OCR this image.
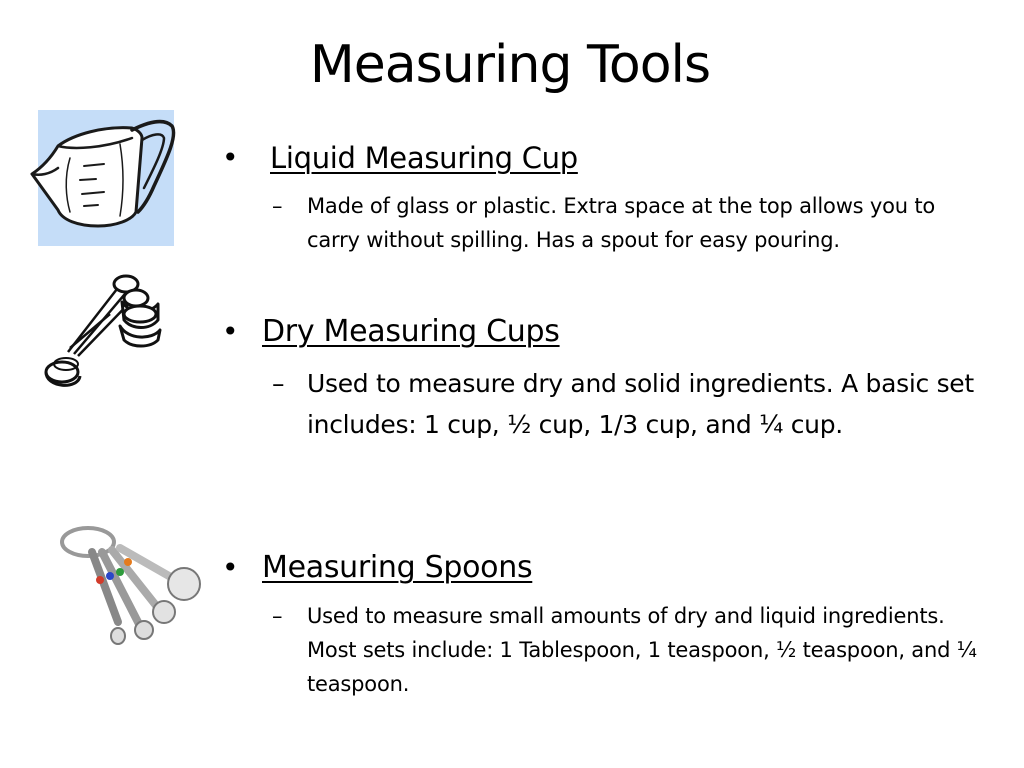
Measuring Tools
• Liquid Measuring Cup
– Made of glass or plastic. Extra space at the top allows you to carry without spilling. Has a spout for easy pouring.
• Dry Measuring Cups
– Used to measure dry and solid ingredients. A basic set includes: 1 cup, ½ cup, 1/3 cup, and ¼ cup.
• Measuring Spoons
– Used to measure small amounts of dry and liquid ingredients. Most sets include: 1 Tablespoon, 1 teaspoon, ½ teaspoon, and ¼ teaspoon.
